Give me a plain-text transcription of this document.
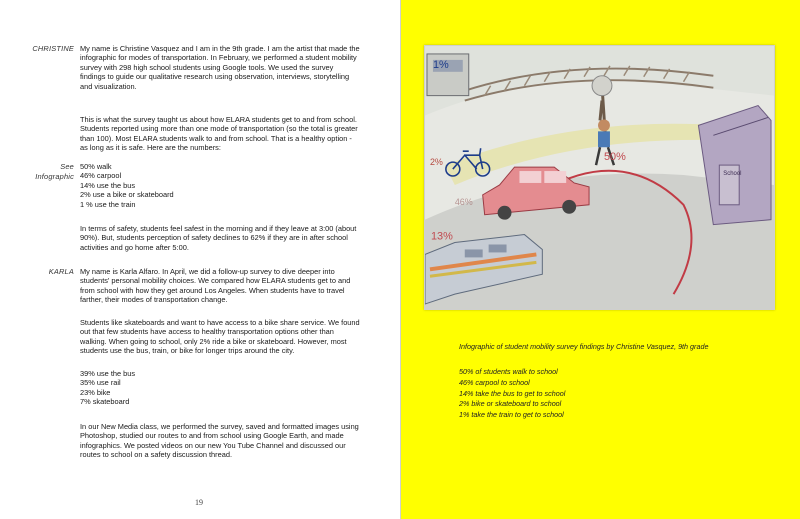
CHRISTINE My name is Christine Vasquez and I am in the 9th grade. I am the artist that made the infographic for modes of transportation. In February, we performed a student mobility survey with 298 high school students using Google tools. We used the survey findings to guide our qualitative research using observation, interviews, storytelling and visualization.
This is what the survey taught us about how ELARA students get to and from school. Students reported using more than one mode of transportation (so the total is greater than 100). Most ELARA students walk to and from school. That is a healthy option - as long as it is safe. Here are the numbers:
See
Infographic
50% walk
46% carpool
14% use the bus
2% use a bike or skateboard
1 % use the train
In terms of safety, students feel safest in the morning and if they leave at 3:00 (about 90%). But, students perception of safety declines to 62% if they are in after school activities and go home after 5:00.
KARLA My name is Karla Alfaro. In April, we did a follow-up survey to dive deeper into students' personal mobility choices. We compared how ELARA students get to and from school with how they get around Los Angeles. When students have to travel farther, their modes of transportation change.
Students like skateboards and want to have access to a bike share service. We found out that few students have access to healthy transportation options other than walking. When going to school, only 2% ride a bike or skateboard. However, most students use the bus, train, or bike for longer trips around the city.
39% use the bus
35% use rail
23% bike
7% skateboard
In our New Media class, we performed the survey, saved and formatted images using Photoshop, studied our routes to and from school using Google Earth, and made infographics. We posted videos on our new You Tube Channel and discussed our routes to school on a safety discussion thread.
19
1%
2%	50%
46%
13%
School
Infographic of student mobility survey findings by Christine Vasquez, 9th grade
50% of students walk to school
46% carpool to school
14% take the bus to get to school
2% bike or skateboard to school
1% take the train to get to school
